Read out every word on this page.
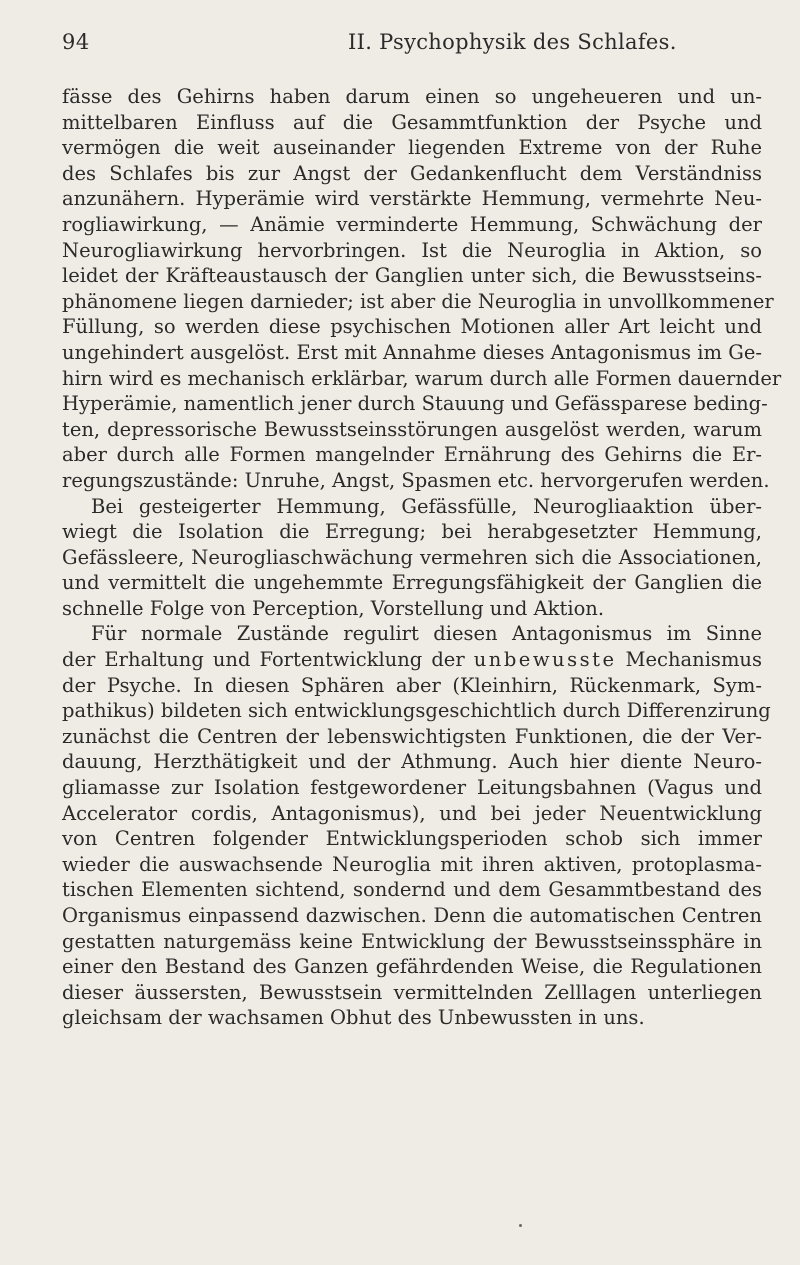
94	II. Psychophysik des Schlafes.
fässe des Gehirns haben darum einen so ungeheueren und un-
mittelbaren Einfluss auf die Gesammtfunktion der Psyche und
vermögen die weit auseinander liegenden Extreme von der Ruhe
des Schlafes bis zur Angst der Gedankenflucht dem Verständniss
anzunähern. Hyperämie wird verstärkte Hemmung, vermehrte Neu-
rogliawirkung, — Anämie verminderte Hemmung, Schwächung der
Neurogliawirkung hervorbringen. Ist die Neuroglia in Aktion, so
leidet der Kräfteaustausch der Ganglien unter sich, die Bewusstseins-
phänomene liegen darnieder; ist aber die Neuroglia in unvollkommener
Füllung, so werden diese psychischen Motionen aller Art leicht und
ungehindert ausgelöst. Erst mit Annahme dieses Antagonismus im Ge-
hirn wird es mechanisch erklärbar, warum durch alle Formen dauernder
Hyperämie, namentlich jener durch Stauung und Gefässparese beding-
ten, depressorische Bewusstseinsstörungen ausgelöst werden, warum
aber durch alle Formen mangelnder Ernährung des Gehirns die Er-
regungszustände: Unruhe, Angst, Spasmen etc. hervorgerufen werden.
Bei gesteigerter Hemmung, Gefässfülle, Neurogliaaktion über-
wiegt die Isolation die Erregung; bei herabgesetzter Hemmung,
Gefässleere, Neurogliaschwächung vermehren sich die Associationen,
und vermittelt die ungehemmte Erregungsfähigkeit der Ganglien die
schnelle Folge von Perception, Vorstellung und Aktion.
Für normale Zustände regulirt diesen Antagonismus im Sinne
der Erhaltung und Fortentwicklung der unbewusste Mechanismus
der Psyche. In diesen Sphären aber (Kleinhirn, Rückenmark, Sym-
pathikus) bildeten sich entwicklungsgeschichtlich durch Differenzirung
zunächst die Centren der lebenswichtigsten Funktionen, die der Ver-
dauung, Herzthätigkeit und der Athmung. Auch hier diente Neuro-
gliamasse zur Isolation festgewordener Leitungsbahnen (Vagus und
Accelerator cordis, Antagonismus), und bei jeder Neuentwicklung
von Centren folgender Entwicklungsperioden schob sich immer
wieder die auswachsende Neuroglia mit ihren aktiven, protoplasma-
tischen Elementen sichtend, sondernd und dem Gesammtbestand des
Organismus einpassend dazwischen. Denn die automatischen Centren
gestatten naturgemäss keine Entwicklung der Bewusstseinssphäre in
einer den Bestand des Ganzen gefährdenden Weise, die Regulationen
dieser äussersten, Bewusstsein vermittelnden Zelllagen unterliegen
gleichsam der wachsamen Obhut des Unbewussten in uns.
